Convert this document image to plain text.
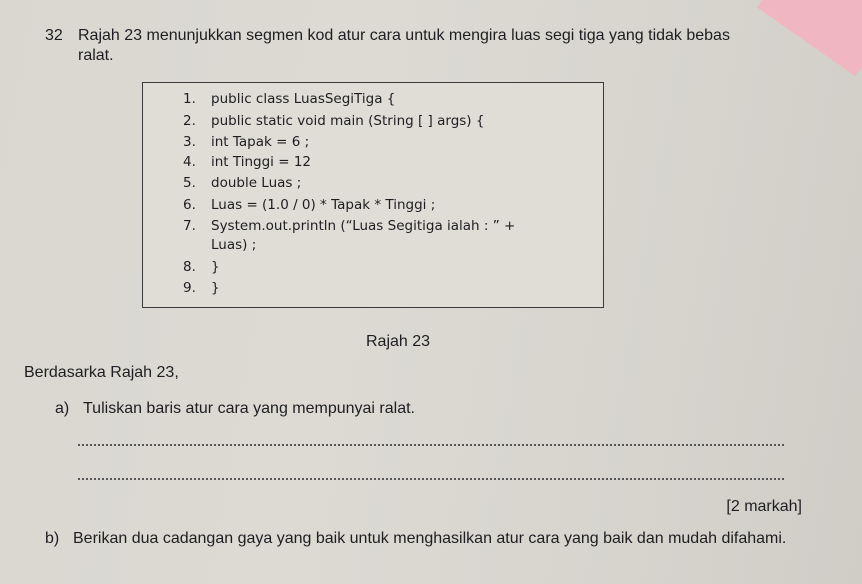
32 Rajah 23 menunjukkan segmen kod atur cara untuk mengira luas segi tiga yang tidak bebas ralat.
1. public class LuasSegiTiga {
2. public static void main (String [ ] args) {
3. int Tapak = 6 ;
4. int Tinggi = 12
5. double Luas ;
6. Luas = (1.0 / 0) * Tapak * Tinggi ;
7. System.out.println (“Luas Segitiga ialah : ” +
Luas) ;
8. }
9. }
Rajah 23
Berdasarka Rajah 23,
a) Tuliskan baris atur cara yang mempunyai ralat.
[2 markah]
b) Berikan dua cadangan gaya yang baik untuk menghasilkan atur cara yang baik dan mudah difahami.
